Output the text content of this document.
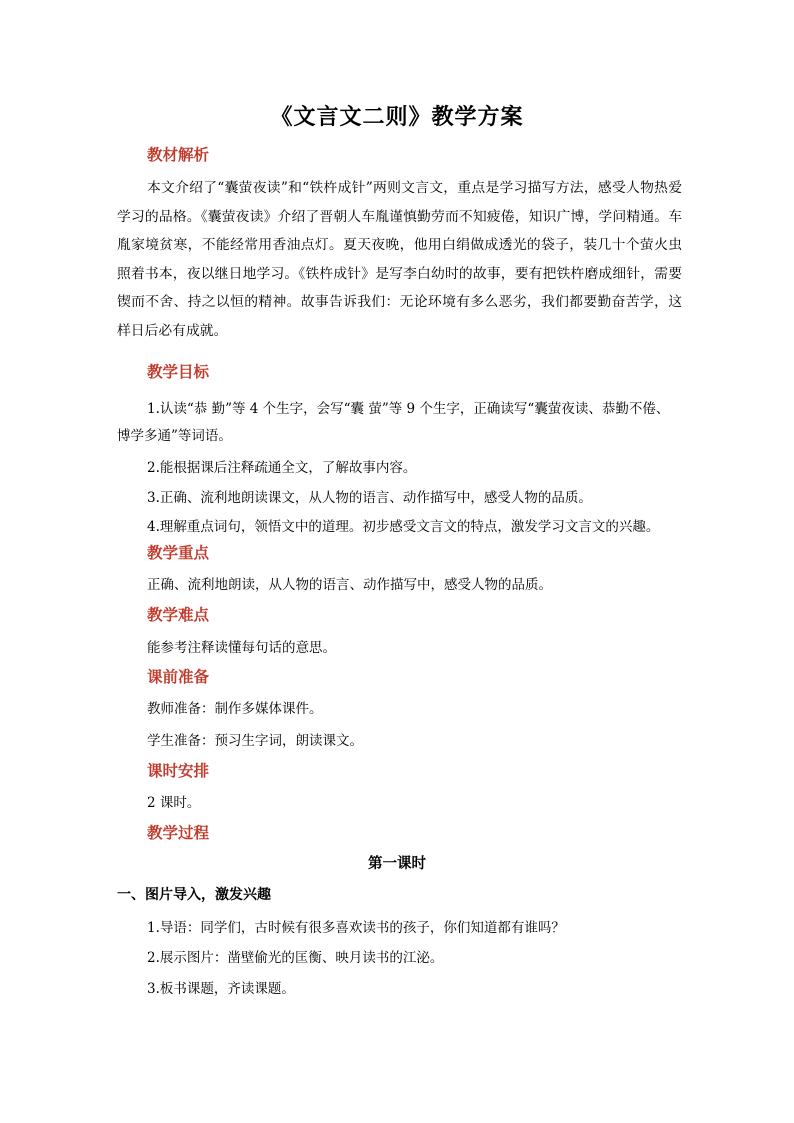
《文言文二则》教学方案
教材解析
本文介绍了“囊萤夜读”和“铁杵成针”两则文言文，重点是学习描写方法，感受人物热爱学习的品格。《囊萤夜读》介绍了晋朝人车胤谨慎勤劳而不知疲倦，知识广博，学问精通。车胤家境贫寒，不能经常用香油点灯。夏天夜晚，他用白绢做成透光的袋子，装几十个萤火虫照着书本，夜以继日地学习。《铁杵成针》是写李白幼时的故事，要有把铁杵磨成细针，需要锲而不舍、持之以恒的精神。故事告诉我们：无论环境有多么恶劣，我们都要勤奋苦学，这样日后必有成就。
教学目标
1.认读“恭 勤”等 4 个生字，会写“囊 萤”等 9 个生字，正确读写“囊萤夜读、恭勤不倦、博学多通”等词语。
2.能根据课后注释疏通全文，了解故事内容。
3.正确、流利地朗读课文，从人物的语言、动作描写中，感受人物的品质。
4.理解重点词句，领悟文中的道理。初步感受文言文的特点，激发学习文言文的兴趣。
教学重点
正确、流利地朗读，从人物的语言、动作描写中，感受人物的品质。
教学难点
能参考注释读懂每句话的意思。
课前准备
教师准备：制作多媒体课件。
学生准备：预习生字词，朗读课文。
课时安排
2 课时。
教学过程
第一课时
一、图片导入，激发兴趣
1.导语：同学们，古时候有很多喜欢读书的孩子，你们知道都有谁吗？
2.展示图片：凿壁偷光的匡衡、映月读书的江泌。
3.板书课题，齐读课题。
